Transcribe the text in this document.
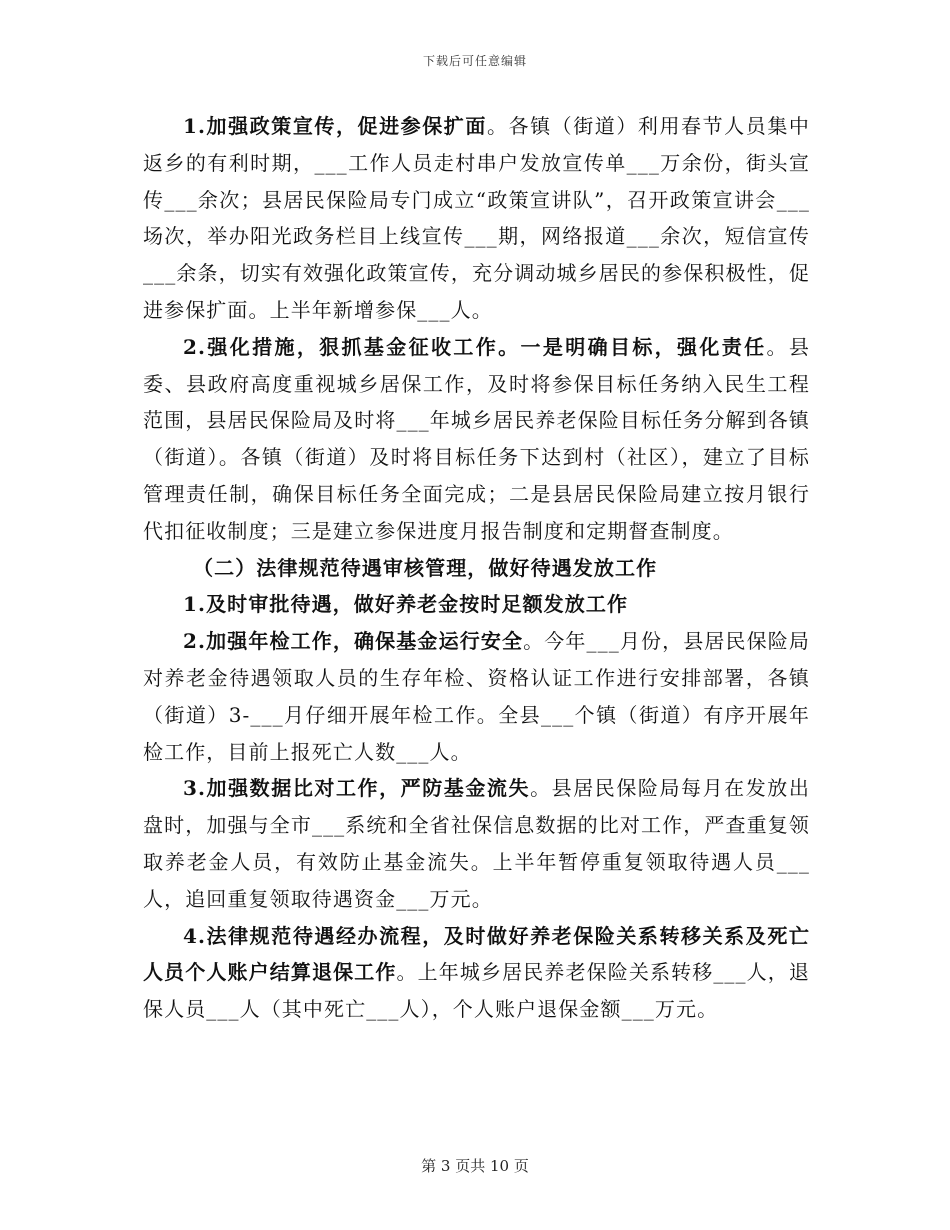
下载后可任意编辑

1.加强政策宣传，促进参保扩面。各镇（街道）利用春节人员集中返乡的有利时期，___工作人员走村串户发放宣传单___万余份，街头宣传___余次；县居民保险局专门成立“政策宣讲队”，召开政策宣讲会___场次，举办阳光政务栏目上线宣传___期，网络报道___余次，短信宣传___余条，切实有效强化政策宣传，充分调动城乡居民的参保积极性，促进参保扩面。上半年新增参保___人。

2.强化措施，狠抓基金征收工作。一是明确目标，强化责任。县委、县政府高度重视城乡居保工作，及时将参保目标任务纳入民生工程范围，县居民保险局及时将___年城乡居民养老保险目标任务分解到各镇（街道）。各镇（街道）及时将目标任务下达到村（社区），建立了目标管理责任制，确保目标任务全面完成；二是县居民保险局建立按月银行代扣征收制度；三是建立参保进度月报告制度和定期督查制度。

（二）法律规范待遇审核管理，做好待遇发放工作

1.及时审批待遇，做好养老金按时足额发放工作

2.加强年检工作，确保基金运行安全。今年___月份，县居民保险局对养老金待遇领取人员的生存年检、资格认证工作进行安排部署，各镇（街道）3-___月仔细开展年检工作。全县___个镇（街道）有序开展年检工作，目前上报死亡人数___人。

3.加强数据比对工作，严防基金流失。县居民保险局每月在发放出盘时，加强与全市___系统和全省社保信息数据的比对工作，严查重复领取养老金人员，有效防止基金流失。上半年暂停重复领取待遇人员___人，追回重复领取待遇资金___万元。

4.法律规范待遇经办流程，及时做好养老保险关系转移关系及死亡人员个人账户结算退保工作。上年城乡居民养老保险关系转移___人，退保人员___人（其中死亡___人），个人账户退保金额___万元。

第 3 页共 10 页
